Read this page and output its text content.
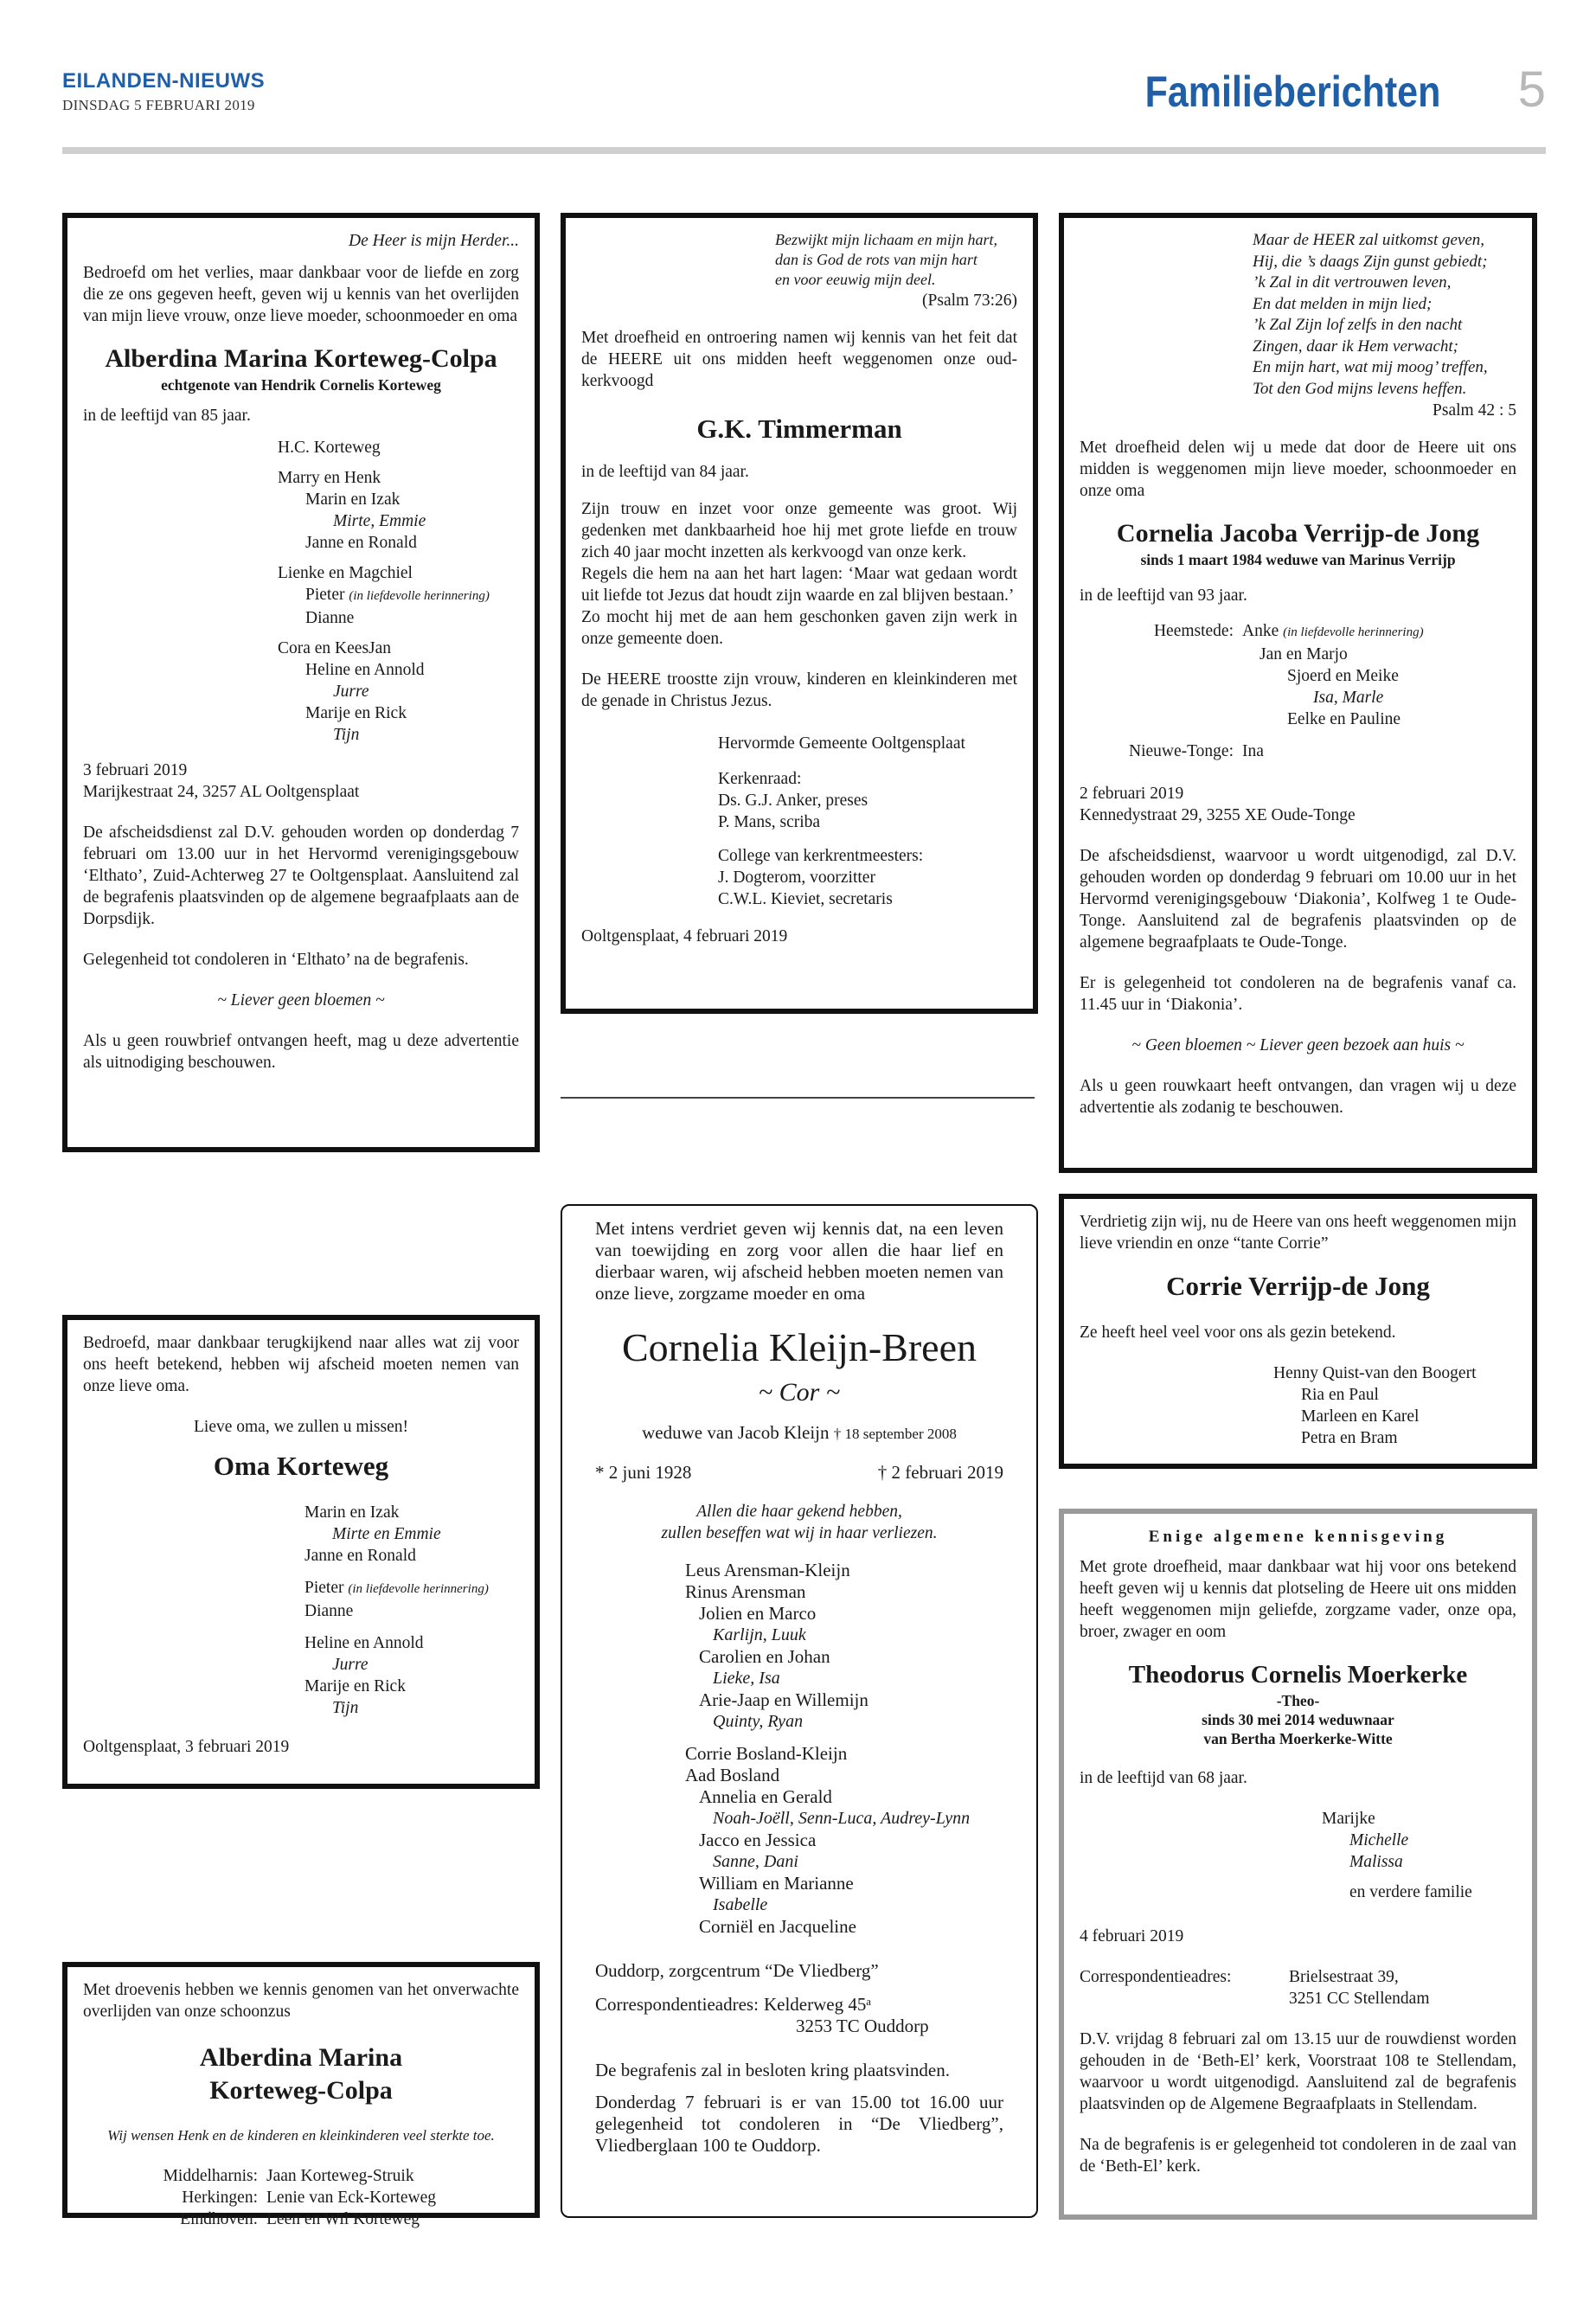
EILANDEN-NIEUWS
DINSDAG 5 FEBRUARI 2019	Familieberichten 5
De Heer is mijn Herder...
Bedroefd om het verlies, maar dankbaar voor de liefde en zorg die ze ons gegeven heeft, geven wij u kennis van het overlijden van mijn lieve vrouw, onze lieve moeder, schoonmoeder en oma
Alberdina Marina Korteweg-Colpa
echtgenote van Hendrik Cornelis Korteweg
in de leeftijd van 85 jaar.
H.C. Korteweg
Marry en Henk
Marin en Izak
Mirte, Emmie
Janne en Ronald
Lienke en Magchiel
Pieter (in liefdevolle herinnering)
Dianne
Cora en KeesJan
Heline en Annold
Jurre
Marije en Rick
Tijn
3 februari 2019
Marijkestraat 24, 3257 AL Ooltgensplaat
De afscheidsdienst zal D.V. gehouden worden op donderdag 7 februari om 13.00 uur in het Hervormd verenigingsgebouw ‘Elthato’, Zuid-Achterweg 27 te Ooltgensplaat. Aansluitend zal de begrafenis plaatsvinden op de algemene begraafplaats aan de Dorpsdijk.
Gelegenheid tot condoleren in ‘Elthato’ na de begrafenis.
~ Liever geen bloemen ~
Als u geen rouwbrief ontvangen heeft, mag u deze advertentie als uitnodiging beschouwen.
Bezwijkt mijn lichaam en mijn hart,
dan is God de rots van mijn hart
en voor eeuwig mijn deel.
(Psalm 73:26)
Met droefheid en ontroering namen wij kennis van het feit dat de HEERE uit ons midden heeft weggenomen onze oud-kerkvoogd
G.K. Timmerman
in de leeftijd van 84 jaar.
Zijn trouw en inzet voor onze gemeente was groot. Wij gedenken met dankbaarheid hoe hij met grote liefde en trouw zich 40 jaar mocht inzetten als kerkvoogd van onze kerk.
Regels die hem na aan het hart lagen: ‘Maar wat gedaan wordt uit liefde tot Jezus dat houdt zijn waarde en zal blijven bestaan.’
Zo mocht hij met de aan hem geschonken gaven zijn werk in onze gemeente doen.
De HEERE troostte zijn vrouw, kinderen en kleinkinderen met de genade in Christus Jezus.
Hervormde Gemeente Ooltgensplaat
Kerkenraad:
Ds. G.J. Anker, preses
P. Mans, scriba
College van kerkrentmeesters:
J. Dogterom, voorzitter
C.W.L. Kieviet, secretaris
Ooltgensplaat, 4 februari 2019
Maar de HEER zal uitkomst geven,
Hij, die ’s daags Zijn gunst gebiedt;
’k Zal in dit vertrouwen leven,
En dat melden in mijn lied;
’k Zal Zijn lof zelfs in den nacht
Zingen, daar ik Hem verwacht;
En mijn hart, wat mij moog’ treffen,
Tot den God mijns levens heffen.
Psalm 42 : 5
Met droefheid delen wij u mede dat door de Heere uit ons midden is weggenomen mijn lieve moeder, schoonmoeder en onze oma
Cornelia Jacoba Verrijp-de Jong
sinds 1 maart 1984 weduwe van Marinus Verrijp
in de leeftijd van 93 jaar.
Heemstede: Anke (in liefdevolle herinnering)
Jan en Marjo
Sjoerd en Meike
Isa, Marle
Eelke en Pauline
Nieuwe-Tonge: Ina
2 februari 2019
Kennedystraat 29, 3255 XE Oude-Tonge
De afscheidsdienst, waarvoor u wordt uitgenodigd, zal D.V. gehouden worden op donderdag 9 februari om 10.00 uur in het Hervormd verenigingsgebouw ‘Diakonia’, Kolfweg 1 te Oude-Tonge. Aansluitend zal de begrafenis plaatsvinden op de algemene begraafplaats te Oude-Tonge.
Er is gelegenheid tot condoleren na de begrafenis vanaf ca. 11.45 uur in ‘Diakonia’.
~ Geen bloemen ~ Liever geen bezoek aan huis ~
Als u geen rouwkaart heeft ontvangen, dan vragen wij u deze advertentie als zodanig te beschouwen.
Bedroefd, maar dankbaar terugkijkend naar alles wat zij voor ons heeft betekend, hebben wij afscheid moeten nemen van onze lieve oma.
Lieve oma, we zullen u missen!
Oma Korteweg
Marin en Izak
Mirte en Emmie
Janne en Ronald
Pieter (in liefdevolle herinnering)
Dianne
Heline en Annold
Jurre
Marije en Rick
Tijn
Ooltgensplaat, 3 februari 2019
Met intens verdriet geven wij kennis dat, na een leven van toewijding en zorg voor allen die haar lief en dierbaar waren, wij afscheid hebben moeten nemen van onze lieve, zorgzame moeder en oma
Cornelia Kleijn-Breen
~ Cor ~
weduwe van Jacob Kleijn † 18 september 2008
* 2 juni 1928	† 2 februari 2019
Allen die haar gekend hebben,
zullen beseffen wat wij in haar verliezen.
Leus Arensman-Kleijn
Rinus Arensman
Jolien en Marco
Karlijn, Luuk
Carolien en Johan
Lieke, Isa
Arie-Jaap en Willemijn
Quinty, Ryan
Corrie Bosland-Kleijn
Aad Bosland
Annelia en Gerald
Noah-Joëll, Senn-Luca, Audrey-Lynn
Jacco en Jessica
Sanne, Dani
William en Marianne
Isabelle
Corniël en Jacqueline
Ouddorp, zorgcentrum “De Vliedberg”
Correspondentieadres: Kelderweg 45ᵃ
3253 TC Ouddorp
De begrafenis zal in besloten kring plaatsvinden.
Donderdag 7 februari is er van 15.00 tot 16.00 uur gelegenheid tot condoleren in “De Vliedberg”, Vliedberglaan 100 te Ouddorp.
Verdrietig zijn wij, nu de Heere van ons heeft weggenomen mijn lieve vriendin en onze “tante Corrie”
Corrie Verrijp-de Jong
Ze heeft heel veel voor ons als gezin betekend.
Henny Quist-van den Boogert
Ria en Paul
Marleen en Karel
Petra en Bram
Enige algemene kennisgeving
Met grote droefheid, maar dankbaar wat hij voor ons betekend heeft geven wij u kennis dat plotseling de Heere uit ons midden heeft weggenomen mijn geliefde, zorgzame vader, onze opa, broer, zwager en oom
Theodorus Cornelis Moerkerke
-Theo-
sinds 30 mei 2014 weduwnaar
van Bertha Moerkerke-Witte
in de leeftijd van 68 jaar.
Marijke
Michelle
Malissa
en verdere familie
4 februari 2019
Correspondentieadres:	Brielsestraat 39,
3251 CC Stellendam
D.V. vrijdag 8 februari zal om 13.15 uur de rouwdienst worden gehouden in de ‘Beth-El’ kerk, Voorstraat 108 te Stellendam, waarvoor u wordt uitgenodigd. Aansluitend zal de begrafenis plaatsvinden op de Algemene Begraafplaats in Stellendam.
Na de begrafenis is er gelegenheid tot condoleren in de zaal van de ‘Beth-El’ kerk.
Met droevenis hebben we kennis genomen van het onverwachte overlijden van onze schoonzus
Alberdina Marina
Korteweg-Colpa
Wij wensen Henk en de kinderen en kleinkinderen veel sterkte toe.
Middelharnis: Jaan Korteweg-Struik
Herkingen: Lenie van Eck-Korteweg
Eindhoven: Leen en Wil Korteweg
